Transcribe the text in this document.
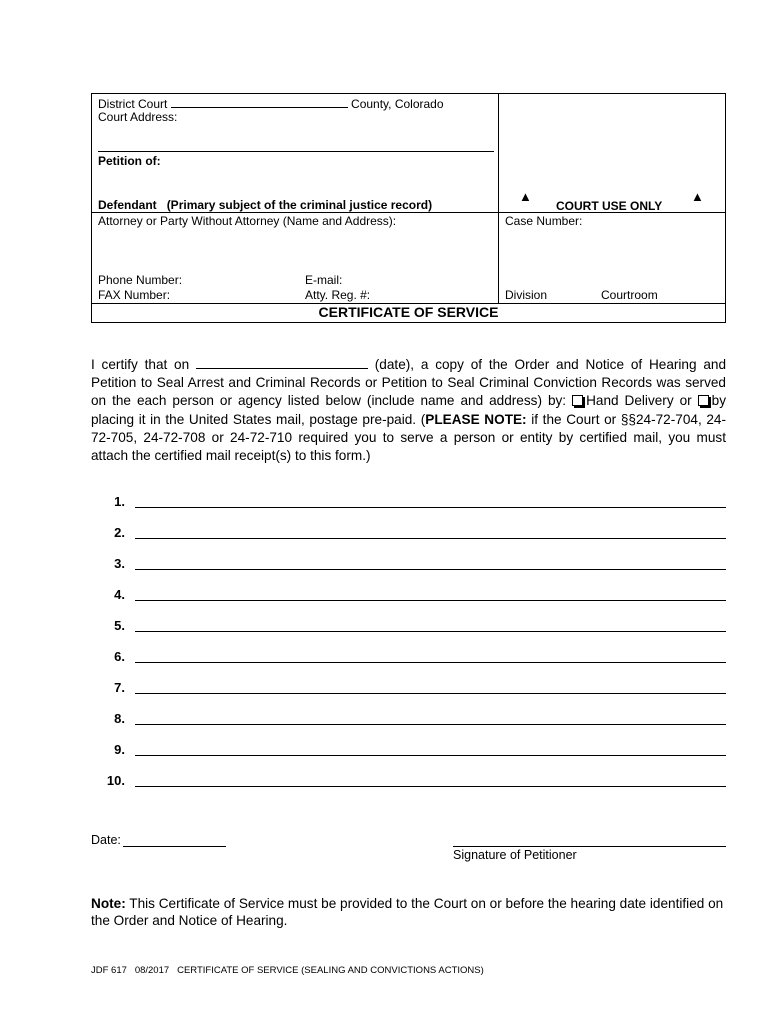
District Court	County, Colorado
Court Address:
Petition of:
Defendant (Primary subject of the criminal justice record)
▲
COURT USE ONLY
▲
Attorney or Party Without Attorney (Name and Address):	Case Number:
Phone Number:	E-mail:
FAX Number:	Atty. Reg. #:	Division	Courtroom
CERTIFICATE OF SERVICE
I certify that on	(date), a copy of the Order and Notice of Hearing and Petition to Seal Arrest and Criminal Records or Petition to Seal Criminal Conviction Records was served on the each person or agency listed below (include name and address) by: Hand Delivery or by placing it in the United States mail, postage pre-paid. (PLEASE NOTE: if the Court or §§24-72-704, 24-72-705, 24-72-708 or 24-72-710 required you to serve a person or entity by certified mail, you must attach the certified mail receipt(s) to this form.)
1.
2.
3.
4.
5.
6.
7.
8.
9.
10.
Date:
Signature of Petitioner
Note: This Certificate of Service must be provided to the Court on or before the hearing date identified on the Order and Notice of Hearing.
JDF 617   08/2017   CERTIFICATE OF SERVICE (SEALING AND CONVICTIONS ACTIONS)
